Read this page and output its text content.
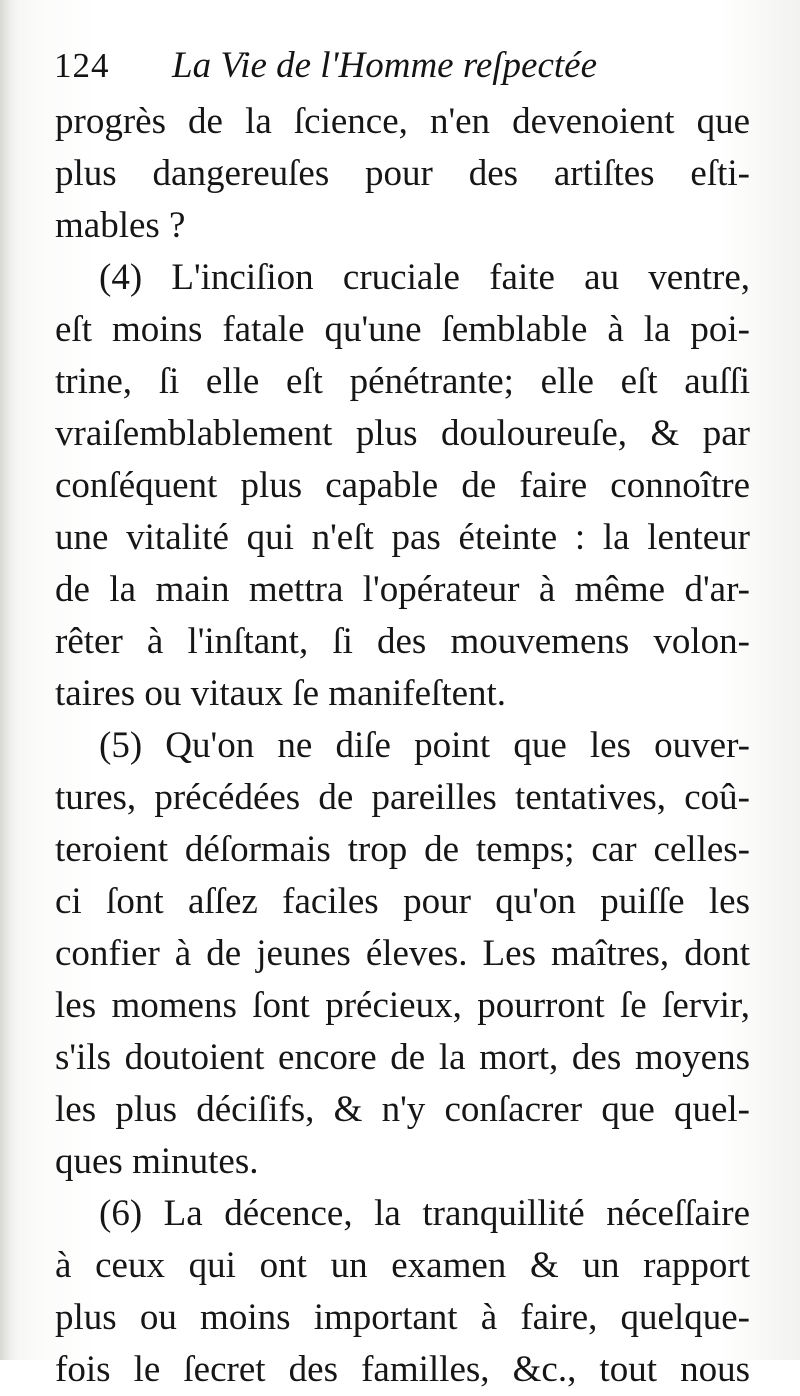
124 La Vie de l'Homme reſpectée
progrès de la ſcience, n'en devenoient que
plus dangereuſes pour des artiſtes eſti-
mables ?
(4) L'inciſion cruciale faite au ventre,
eſt moins fatale qu'une ſemblable à la poi-
trine, ſi elle eſt pénétrante; elle eſt auſſi
vraiſemblablement plus douloureuſe, & par
conſéquent plus capable de faire connoître
une vitalité qui n'eſt pas éteinte : la lenteur
de la main mettra l'opérateur à même d'ar-
rêter à l'inſtant, ſi des mouvemens volon-
taires ou vitaux ſe manifeſtent.
(5) Qu'on ne diſe point que les ouver-
tures, précédées de pareilles tentatives, coû-
teroient déſormais trop de temps; car celles-
ci ſont aſſez faciles pour qu'on puiſſe les
confier à de jeunes éleves. Les maîtres, dont
les momens ſont précieux, pourront ſe ſervir,
s'ils doutoient encore de la mort, des moyens
les plus déciſifs, & n'y conſacrer que quel-
ques minutes.
(6) La décence, la tranquillité néceſſaire
à ceux qui ont un examen & un rapport
plus ou moins important à faire, quelque-
fois le ſecret des familles, &c., tout nous
